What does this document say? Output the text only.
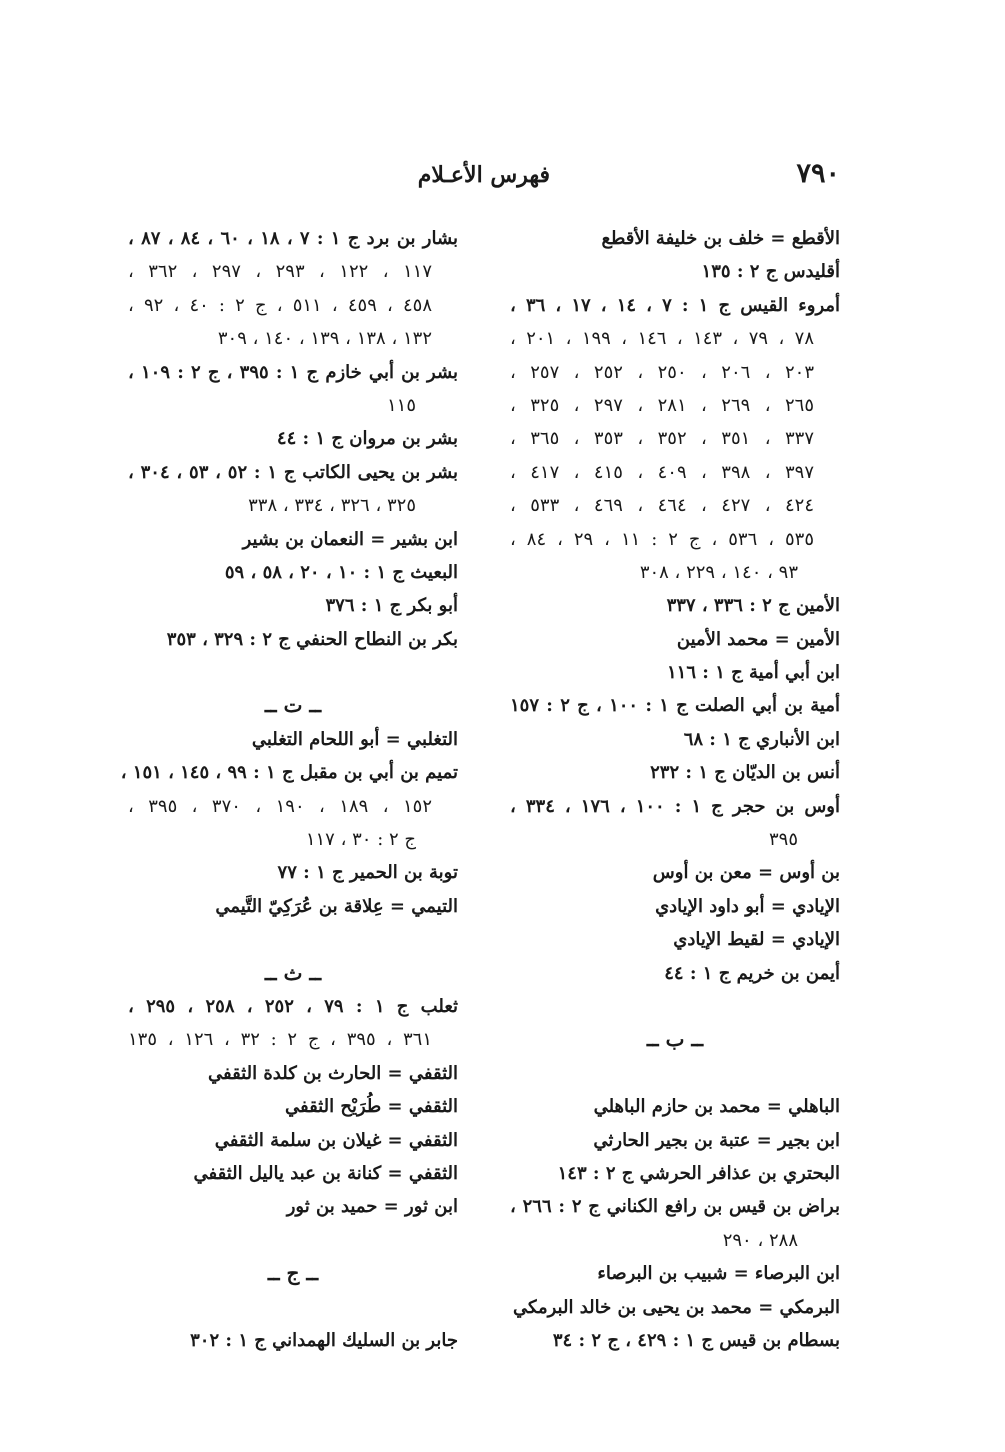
٧٩٠
فهرس الأعـلام
الأقطع = خلف بن خليفة الأقطع
أقليدس ج ٢ : ١٣٥
أمروء القيس ج ١ : ٧ ، ١٤ ، ١٧ ، ٣٦ ،
٧٨ ، ٧٩ ، ١٤٣ ، ١٤٦ ، ١٩٩ ، ٢٠١ ،
٢٠٣ ، ٢٠٦ ، ٢٥٠ ، ٢٥٢ ، ٢٥٧ ،
٢٦٥ ، ٢٦٩ ، ٢٨١ ، ٢٩٧ ، ٣٢٥ ،
٣٣٧ ، ٣٥١ ، ٣٥٢ ، ٣٥٣ ، ٣٦٥ ،
٣٩٧ ، ٣٩٨ ، ٤٠٩ ، ٤١٥ ، ٤١٧ ،
٤٢٤ ، ٤٢٧ ، ٤٦٤ ، ٤٦٩ ، ٥٣٣ ،
٥٣٥ ، ٥٣٦ ، ج ٢ : ١١ ، ٢٩ ، ٨٤ ،
٩٣ ، ١٤٠ ، ٢٢٩ ، ٣٠٨
الأمين ج ٢ : ٣٣٦ ، ٣٣٧
الأمين = محمد الأمين
ابن أبي أمية ج ١ : ١١٦
أمية بن أبي الصلت ج ١ : ١٠٠ ، ج ٢ : ١٥٧
ابن الأنباري ج ١ : ٦٨
أنس بن الديّان ج ١ : ٢٣٢
أوس بن حجر ج ١ : ١٠٠ ، ١٧٦ ، ٣٣٤ ،
٣٩٥
بن أوس = معن بن أوس
الإيادي = أبو داود الإيادي
الإيادي = لقيط الإيادي
أيمن بن خريم ج ١ : ٤٤
ــ ب ــ
الباهلي = محمد بن حازم الباهلي
ابن بجير = عتبة بن بجير الحارثي
البحتري بن عذافر الحرشي ج ٢ : ١٤٣
براض بن قيس بن رافع الكناني ج ٢ : ٢٦٦ ،
٢٨٨ ، ٢٩٠
ابن البرصاء = شبيب بن البرصاء
البرمكي = محمد بن يحيى بن خالد البرمكي
بسطام بن قيس ج ١ : ٤٢٩ ، ج ٢ : ٣٤
بشار بن برد ج ١ : ٧ ، ١٨ ، ٦٠ ، ٨٤ ، ٨٧ ،
١١٧ ، ١٢٢ ، ٢٩٣ ، ٢٩٧ ، ٣٦٢ ،
٤٥٨ ، ٤٥٩ ، ٥١١ ، ج ٢ : ٤٠ ، ٩٢ ،
١٣٢ ، ١٣٨ ، ١٣٩ ، ١٤٠ ، ٣٠٩
بشر بن أبي خازم ج ١ : ٣٩٥ ، ج ٢ : ١٠٩ ،
١١٥
بشر بن مروان ج ١ : ٤٤
بشر بن يحيى الكاتب ج ١ : ٥٢ ، ٥٣ ، ٣٠٤ ،
٣٢٥ ، ٣٢٦ ، ٣٣٤ ، ٣٣٨
ابن بشير = النعمان بن بشير
البعيث ج ١ : ١٠ ، ٢٠ ، ٥٨ ، ٥٩
أبو بكر ج ١ : ٣٧٦
بكر بن النطاح الحنفي ج ٢ : ٣٢٩ ، ٣٥٣
ــ ت ــ
التغلبي = أبو اللحام التغلبي
تميم بن أبي بن مقبل ج ١ : ٩٩ ، ١٤٥ ، ١٥١ ،
١٥٢ ، ١٨٩ ، ١٩٠ ، ٣٧٠ ، ٣٩٥ ،
ج ٢ : ٣٠ ، ١١٧
توبة بن الحمير ج ١ : ٧٧
التيمي = عِلاقة بن عُرَكِيّ التَّيمي
ــ ث ــ
ثعلب ج ١ : ٧٩ ، ٢٥٢ ، ٢٥٨ ، ٢٩٥ ،
٣٦١ ، ٣٩٥ ، ج ٢ : ٣٢ ، ١٢٦ ، ١٣٥
الثقفي = الحارث بن كلدة الثقفي
الثقفي = طُرَيْح الثقفي
الثقفي = غيلان بن سلمة الثقفي
الثقفي = كنانة بن عبد ياليل الثقفي
ابن ثور = حميد بن ثور
ــ ج ــ
جابر بن السليك الهمداني ج ١ : ٣٠٢
